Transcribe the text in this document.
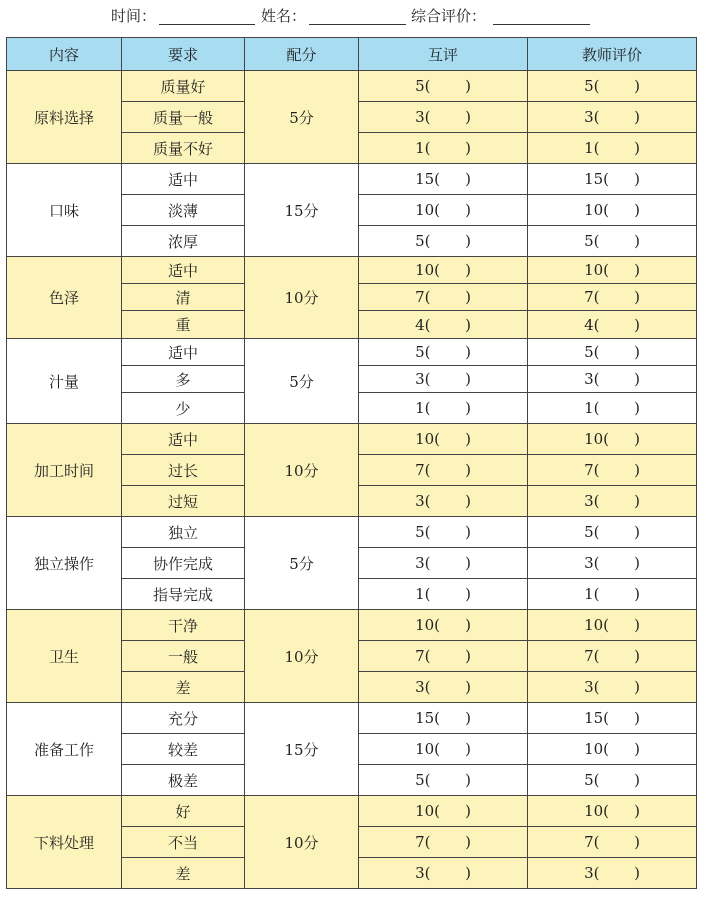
时间：	姓名：	综合评价：
内容	要求	配分	互评	教师评价
原料选择	质量好	5分	5( )	5( )
	质量一般		3( )	3( )
	质量不好		1( )	1( )
口味	适中	15分	15( )	15( )
	淡薄		10( )	10( )
	浓厚		5( )	5( )
色泽	适中	10分	10( )	10( )
	清		7( )	7( )
	重		4( )	4( )
汁量	适中	5分	5( )	5( )
	多		3( )	3( )
	少		1( )	1( )
加工时间	适中	10分	10( )	10( )
	过长		7( )	7( )
	过短		3( )	3( )
独立操作	独立	5分	5( )	5( )
	协作完成		3( )	3( )
	指导完成		1( )	1( )
卫生	干净	10分	10( )	10( )
	一般		7( )	7( )
	差		3( )	3( )
准备工作	充分	15分	15( )	15( )
	较差		10( )	10( )
	极差		5( )	5( )
下料处理	好	10分	10( )	10( )
	不当		7( )	7( )
	差		3( )	3( )
